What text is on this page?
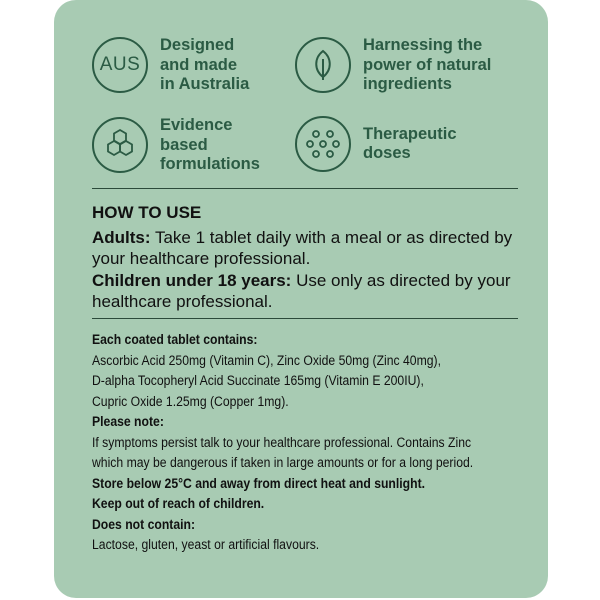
AUS
Designed
and made
in Australia
Harnessing the
power of natural
ingredients
Evidence
based
formulations
Therapeutic
doses
HOW TO USE

Adults: Take 1 tablet daily with a meal or as directed by your healthcare professional.

Children under 18 years: Use only as directed by your healthcare professional.

Each coated tablet contains:
Ascorbic Acid 250mg (Vitamin C), Zinc Oxide 50mg (Zinc 40mg),
D-alpha Tocopheryl Acid Succinate 165mg (Vitamin E 200IU),
Cupric Oxide 1.25mg (Copper 1mg).
Please note:
If symptoms persist talk to your healthcare professional. Contains Zinc
which may be dangerous if taken in large amounts or for a long period.
Store below 25°C and away from direct heat and sunlight.
Keep out of reach of children.
Does not contain:
Lactose, gluten, yeast or artificial flavours.
